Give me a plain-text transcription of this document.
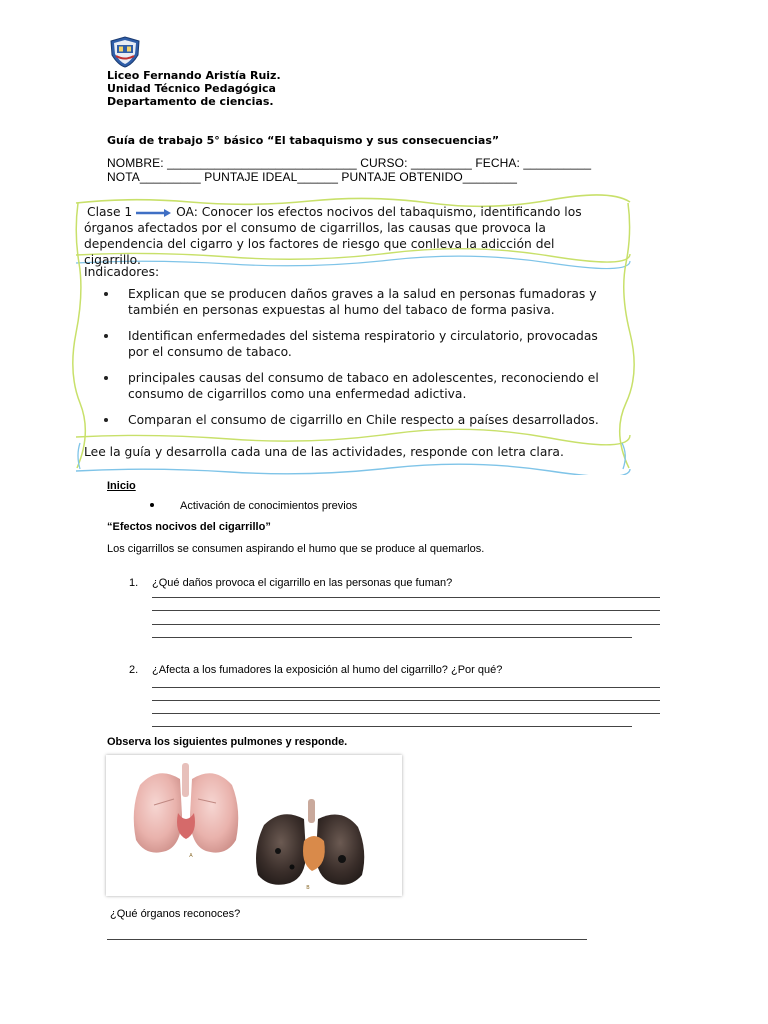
Liceo Fernando Aristía Ruiz.
Unidad Técnico Pedagógica
Departamento de ciencias.
Guía de trabajo 5° básico “El tabaquismo y sus consecuencias”
NOMBRE: ____________________________ CURSO: _________ FECHA: __________
NOTA_________ PUNTAJE IDEAL______ PUNTAJE OBTENIDO________
Clase 1	OA: Conocer los efectos nocivos del tabaquismo, identificando los órganos afectados por el consumo de cigarrillos, las causas que provoca la dependencia del cigarro y los factores de riesgo que conlleva la adicción del cigarrillo.
Indicadores:
Explican que se producen daños graves a la salud en personas fumadoras y también en personas expuestas al humo del tabaco de forma pasiva.
Identifican enfermedades del sistema respiratorio y circulatorio, provocadas por el consumo de tabaco.
principales causas del consumo de tabaco en adolescentes, reconociendo el consumo de cigarrillos como una enfermedad adictiva.
Comparan el consumo de cigarrillo en Chile respecto a países desarrollados.
Lee la guía y desarrolla cada una de las actividades, responde con letra clara.
Inicio
Activación de conocimientos previos
“Efectos nocivos del cigarrillo”
Los cigarrillos se consumen aspirando el humo que se produce al quemarlos.
1. ¿Qué daños provoca el cigarrillo en las personas que fuman?
2. ¿Afecta a los fumadores la exposición al humo del cigarrillo? ¿Por qué?
Observa los siguientes pulmones y responde.
A
B
¿Qué órganos reconoces?
